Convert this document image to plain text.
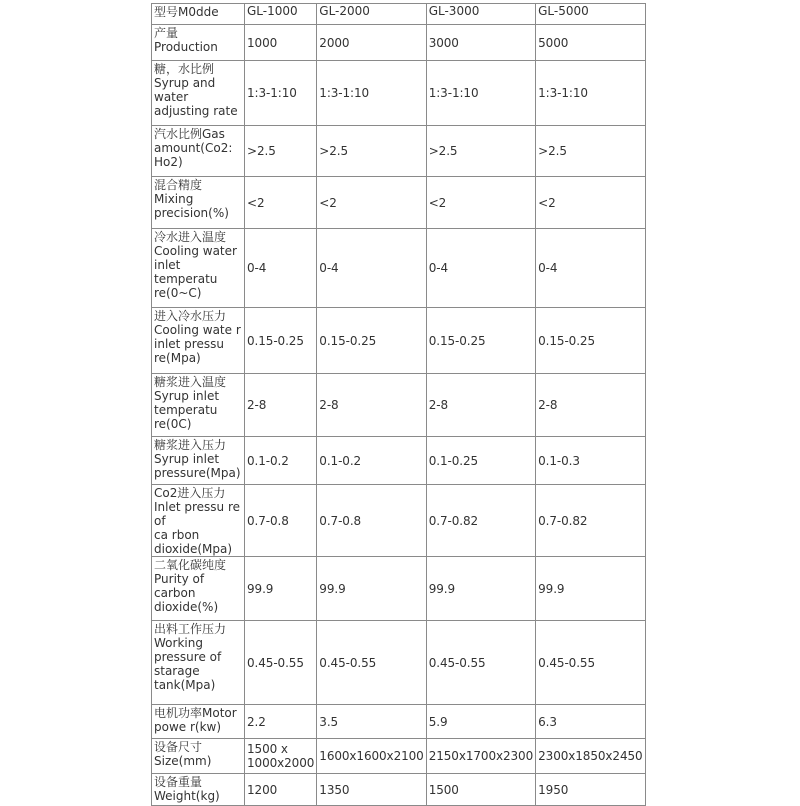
型号M0dde	GL-1000	GL-2000	GL-3000	GL-5000
产量
Production	1000	2000	3000	5000
糖，水比例
Syrup and
water
adjusting rate	1:3-1:10	1:3-1:10	1:3-1:10	1:3-1:10
汽水比例Gas
amount(Co2:
Ho2)	>2.5	>2.5	>2.5	>2.5
混合精度
Mixing
precision(%)	<2	<2	<2	<2
冷水进入温度
Cooling water
inlet
temperatu
re(0~C)	0-4	0-4	0-4	0-4
进入冷水压力
Cooling wate r
inlet pressu
re(Mpa)	0.15-0.25	0.15-0.25	0.15-0.25	0.15-0.25
糖浆进入温度
Syrup inlet
temperatu
re(0C)	2-8	2-8	2-8	2-8
糖浆进入压力
Syrup inlet
pressure(Mpa)	0.1-0.2	0.1-0.2	0.1-0.25	0.1-0.3
Co2进入压力
Inlet pressu re of
ca rbon
dioxide(Mpa)	0.7-0.8	0.7-0.8	0.7-0.82	0.7-0.82
二氧化碳纯度
Purity of
carbon
dioxide(%)	99.9	99.9	99.9	99.9
出料工作压力
Working
pressure of
starage
tank(Mpa)	0.45-0.55	0.45-0.55	0.45-0.55	0.45-0.55
电机功率Motor
powe r(kw)	2.2	3.5	5.9	6.3
设备尺寸
Size(mm)	1500 x
1000x2000	1600x1600x2100	2150x1700x2300	2300x1850x2450
设备重量
Weight(kg)	1200	1350	1500	1950
